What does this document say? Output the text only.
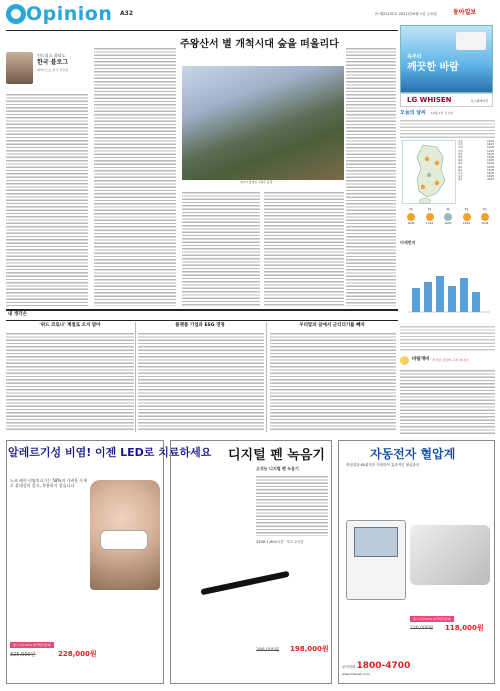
Opinion A32	㈜ 제21132호 2021년10월 1일 금요일	동아일보
주왕산서 별 개척시대 숲을 떠올리다
인드리스 쥴리노
한국 블로그
에세이스트·한국 산림청
필자가 촬영한 주왕산 풍경
내 생각은
'위드 코로나' 계절로 오지 말아	플랫폼 기업과 ESG 경영	우리말과 글에서 군더더기를 빼자
속부터
깨끗한 바람
LG WHISEN	식스팬에어컨
오늘의 날씨 10월 1일 금요일
서울	15/24
인천	16/23
수원	14/25
춘천	12/24
강릉	16/25
청주	15/25
대전	15/25
전주	15/26
광주	16/26
대구	15/26
부산	18/25
울산	16/25
제주	20/25
2일
16/25
3일
17/24
4일
16/23
5일
15/24
6일
15/24
미세먼지
바람개비 추석밖 진입학, 고성 떠나다
알레르기성 비염! 이젠 LED로 치료하세요
노즈 케어 비염치료기는 58%의 가벼운 무게로 휴대성이 좋고, 착용하기 좋습니다
출시기념 30% 파격할인판매
325,000원	228,000원
디지털 펜 녹음기
고성능 디지털 펜 녹음기
32GB 1,600시간 · 모드 2시간
396,000원 198,000원
자동전자 혈압계
측정결과 60회까지 저장하여 효과적인 혈압관리
출시기념 50% 파격할인판매
236,000원 118,000원
문의전화 1800-4700
www.mitzvah.co.kr
